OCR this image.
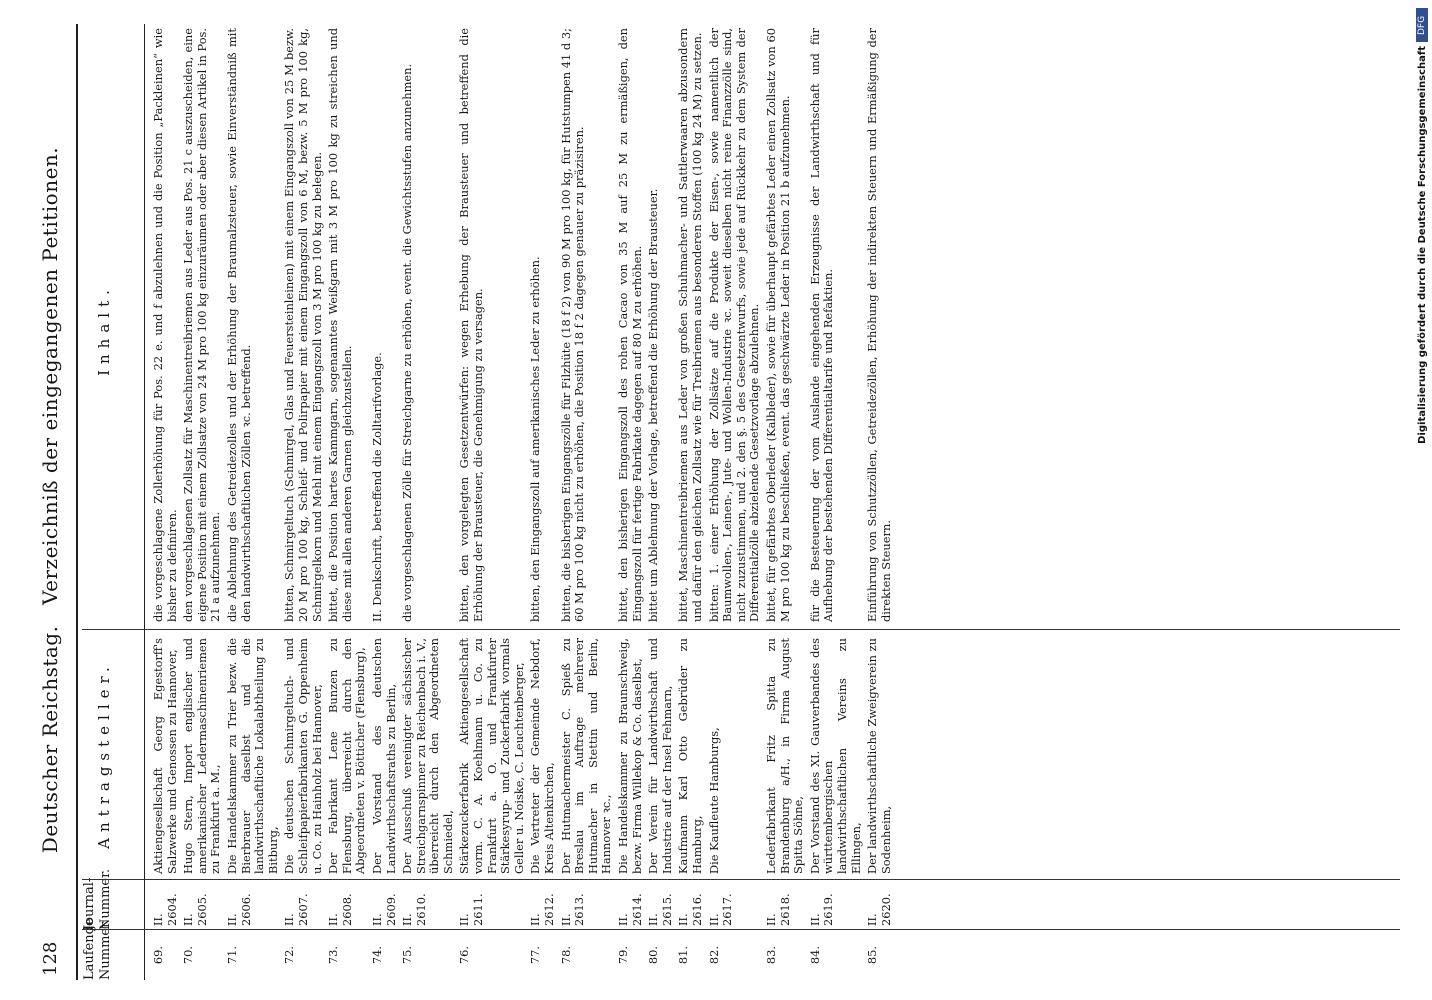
128
Deutscher Reichstag.   Verzeichniß der eingegangenen Petitionen.
Laufende Nummer.
Journal-Nummer.
Antragsteller.
Inhalt.
69.
II. 2604.
Aktiengesellschaft Georg Egestorff's Salzwerke und Genossen zu Hannover,
die vorgeschlagene Zollerhöhung für Pos. 22 e. und f abzulehnen und die Position „Packleinen“ wie bisher zu definiren.
70.
II. 2605.
Hugo Stern, Import englischer und amerikanischer Ledermaschinenriemen zu Frankfurt a. M.,
den vorgeschlagenen Zollsatz für Maschinentreibriemen aus Leder aus Pos. 21 c auszuscheiden, eine eigene Position mit einem Zollsatze von 24 M pro 100 kg einzuräumen oder aber diesen Artikel in Pos. 21 a aufzunehmen.
71.
II. 2606.
Die Handelskammer zu Trier bezw. die Bierbrauer daselbst und die landwirthschaftliche Lokalabtheilung zu Bitburg,
die Ablehnung des Getreidezolles und der Erhöhung der Braumalzsteuer, sowie Einverständniß mit den landwirthschaftlichen Zöllen ꝛc. betreffend.
72.
II. 2607.
Die deutschen Schmirgeltuch- und Schleifpapierfabrikanten G. Oppenheim u. Co. zu Hainholz bei Hannover,
bitten, Schmirgeltuch (Schmirgel, Glas und Feuersteinleinen) mit einem Eingangszoll von 25 M bezw. 20 M pro 100 kg, Schleif- und Polirpapier mit einem Eingangszoll von 6 M, bezw. 5 M pro 100 kg, Schmirgelkorn und Mehl mit einem Eingangszoll von 3 M pro 100 kg zu belegen.
73.
II. 2608.
Der Fabrikant Lene Bunzen zu Flensburg, überreicht durch den Abgeordneten v. Bötticher (Flensburg),
bittet, die Position hartes Kammgarn, sogenanntes Weißgarn mit 3 M pro 100 kg zu streichen und diese mit allen anderen Garnen gleichzustellen.
74.
II. 2609.
Der Vorstand des deutschen Landwirthschaftsraths zu Berlin,
II. Denkschrift, betreffend die Zolltarifvorlage.
75.
II. 2610.
Der Ausschuß vereinigter sächsischer Streichgarnspinner zu Reichenbach i. V., überreicht durch den Abgeordneten Schmiedel,
die vorgeschlagenen Zölle für Streichgarne zu erhöhen, event. die Gewichtsstufen anzunehmen.
76.
II. 2611.
Stärkezuckerfabrik Aktiengesellschaft vorm. C. A. Koehlmann u. Co. zu Frankfurt a. O. und Frankfurter Stärkesyrup- und Zuckerfabrik vormals Geller u. Noiske, C. Leuchtenberger,
bitten, den vorgelegten Gesetzentwürfen: wegen Erhebung der Brausteuer und betreffend die Erhöhung der Brausteuer, die Genehmigung zu versagen.
77.
II. 2612.
Die Vertreter der Gemeinde Nebdorf, Kreis Altenkirchen,
bitten, den Eingangszoll auf amerikanisches Leder zu erhöhen.
78.
II. 2613.
Der Hutmachermeister C. Spieß zu Breslau im Auftrage mehrerer Hutmacher in Stettin und Berlin, Hannover ꝛc.,
bitten, die bisherigen Eingangszölle für Filzhüte (18 f 2) von 90 M pro 100 kg, für Hutstumpen 41 d 3; 60 M pro 100 kg nicht zu erhöhen, die Position 18 f 2 dagegen genauer zu präzisiren.
79.
II. 2614.
Die Handelskammer zu Braunschweig, bezw. Firma Willekop & Co. daselbst,
bittet, den bisherigen Eingangszoll des rohen Cacao von 35 M auf 25 M zu ermäßigen, den Eingangszoll für fertige Fabrikate dagegen auf 80 M zu erhöhen.
80.
II. 2615.
Der Verein für Landwirthschaft und Industrie auf der Insel Fehmarn,
bittet um Ablehnung der Vorlage, betreffend die Erhöhung der Brausteuer.
81.
II. 2616.
Kaufmann Karl Otto Gebrüder zu Hamburg,
bittet, Maschinentreibriemen aus Leder von großen Schuhmacher- und Sattlerwaaren abzusondern und dafür den gleichen Zollsatz wie für Treibriemen aus besonderen Stoffen (100 kg 24 M) zu setzen.
82.
II. 2617.
Die Kaufleute Hamburgs,
bitten: 1. einer Erhöhung der Zollsätze auf die Produkte der Eisen-, sowie namentlich der Baumwollen-, Leinen-, Jute- und Wollen-Industrie ꝛc. soweit dieselben nicht reine Finanzzölle sind, nicht zuzustimmen, und 2. den §. 5 des Gesetzentwurfs, sowie jede auf Rückkehr zu dem System der Differentialzölle abzielende Gesetzvorlage abzulehnen.
83.
II. 2618.
Lederfabrikant Fritz Spitta zu Brandenburg a/H., in Firma August Spitta Söhne,
bittet, für gefärbtes Oberleder (Kalbleder), sowie für überhaupt gefärbtes Leder einen Zollsatz von 60 M pro 100 kg zu beschließen, event. das geschwärzte Leder in Position 21 b aufzunehmen.
84.
II. 2619.
Der Vorstand des XI. Gauverbandes des württembergischen landwirthschaftlichen Vereins zu Ellingen,
für die Besteuerung der vom Auslande eingehenden Erzeugnisse der Landwirthschaft und für Aufhebung der bestehenden Differentialtarife und Refaktien.
85.
II. 2620.
Der landwirthschaftliche Zweigverein zu Sodenheim,
Einführung von Schutzzöllen, Getreidezöllen, Erhöhung der indirekten Steuern und Ermäßigung der direkten Steuern.
DFG
Digitalisierung gefördert durch die Deutsche Forschungsgemeinschaft
